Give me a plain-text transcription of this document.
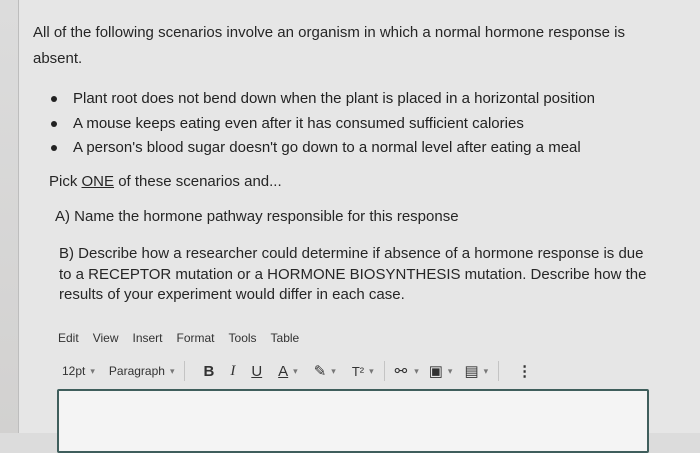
All of the following scenarios involve an organism in which a normal hormone response is absent.
Plant root does not bend down when the plant is placed in a horizontal position
A mouse keeps eating even after it has consumed sufficient calories
A person's blood sugar doesn't go down to a normal level after eating a meal
Pick ONE of these scenarios and...
A) Name the hormone pathway responsible for this response
B) Describe how a researcher could determine if absence of a hormone response is due to a RECEPTOR mutation or a HORMONE BIOSYNTHESIS mutation. Describe how the results of your experiment would differ in each case.
Edit View Insert Format Tools Table
12pt ▾ Paragraph ▾ B I U A ▾ ✎ ▾ T² ▾ ⚯ ▾ ▣ ▾ ▤ ▾ ⋮
